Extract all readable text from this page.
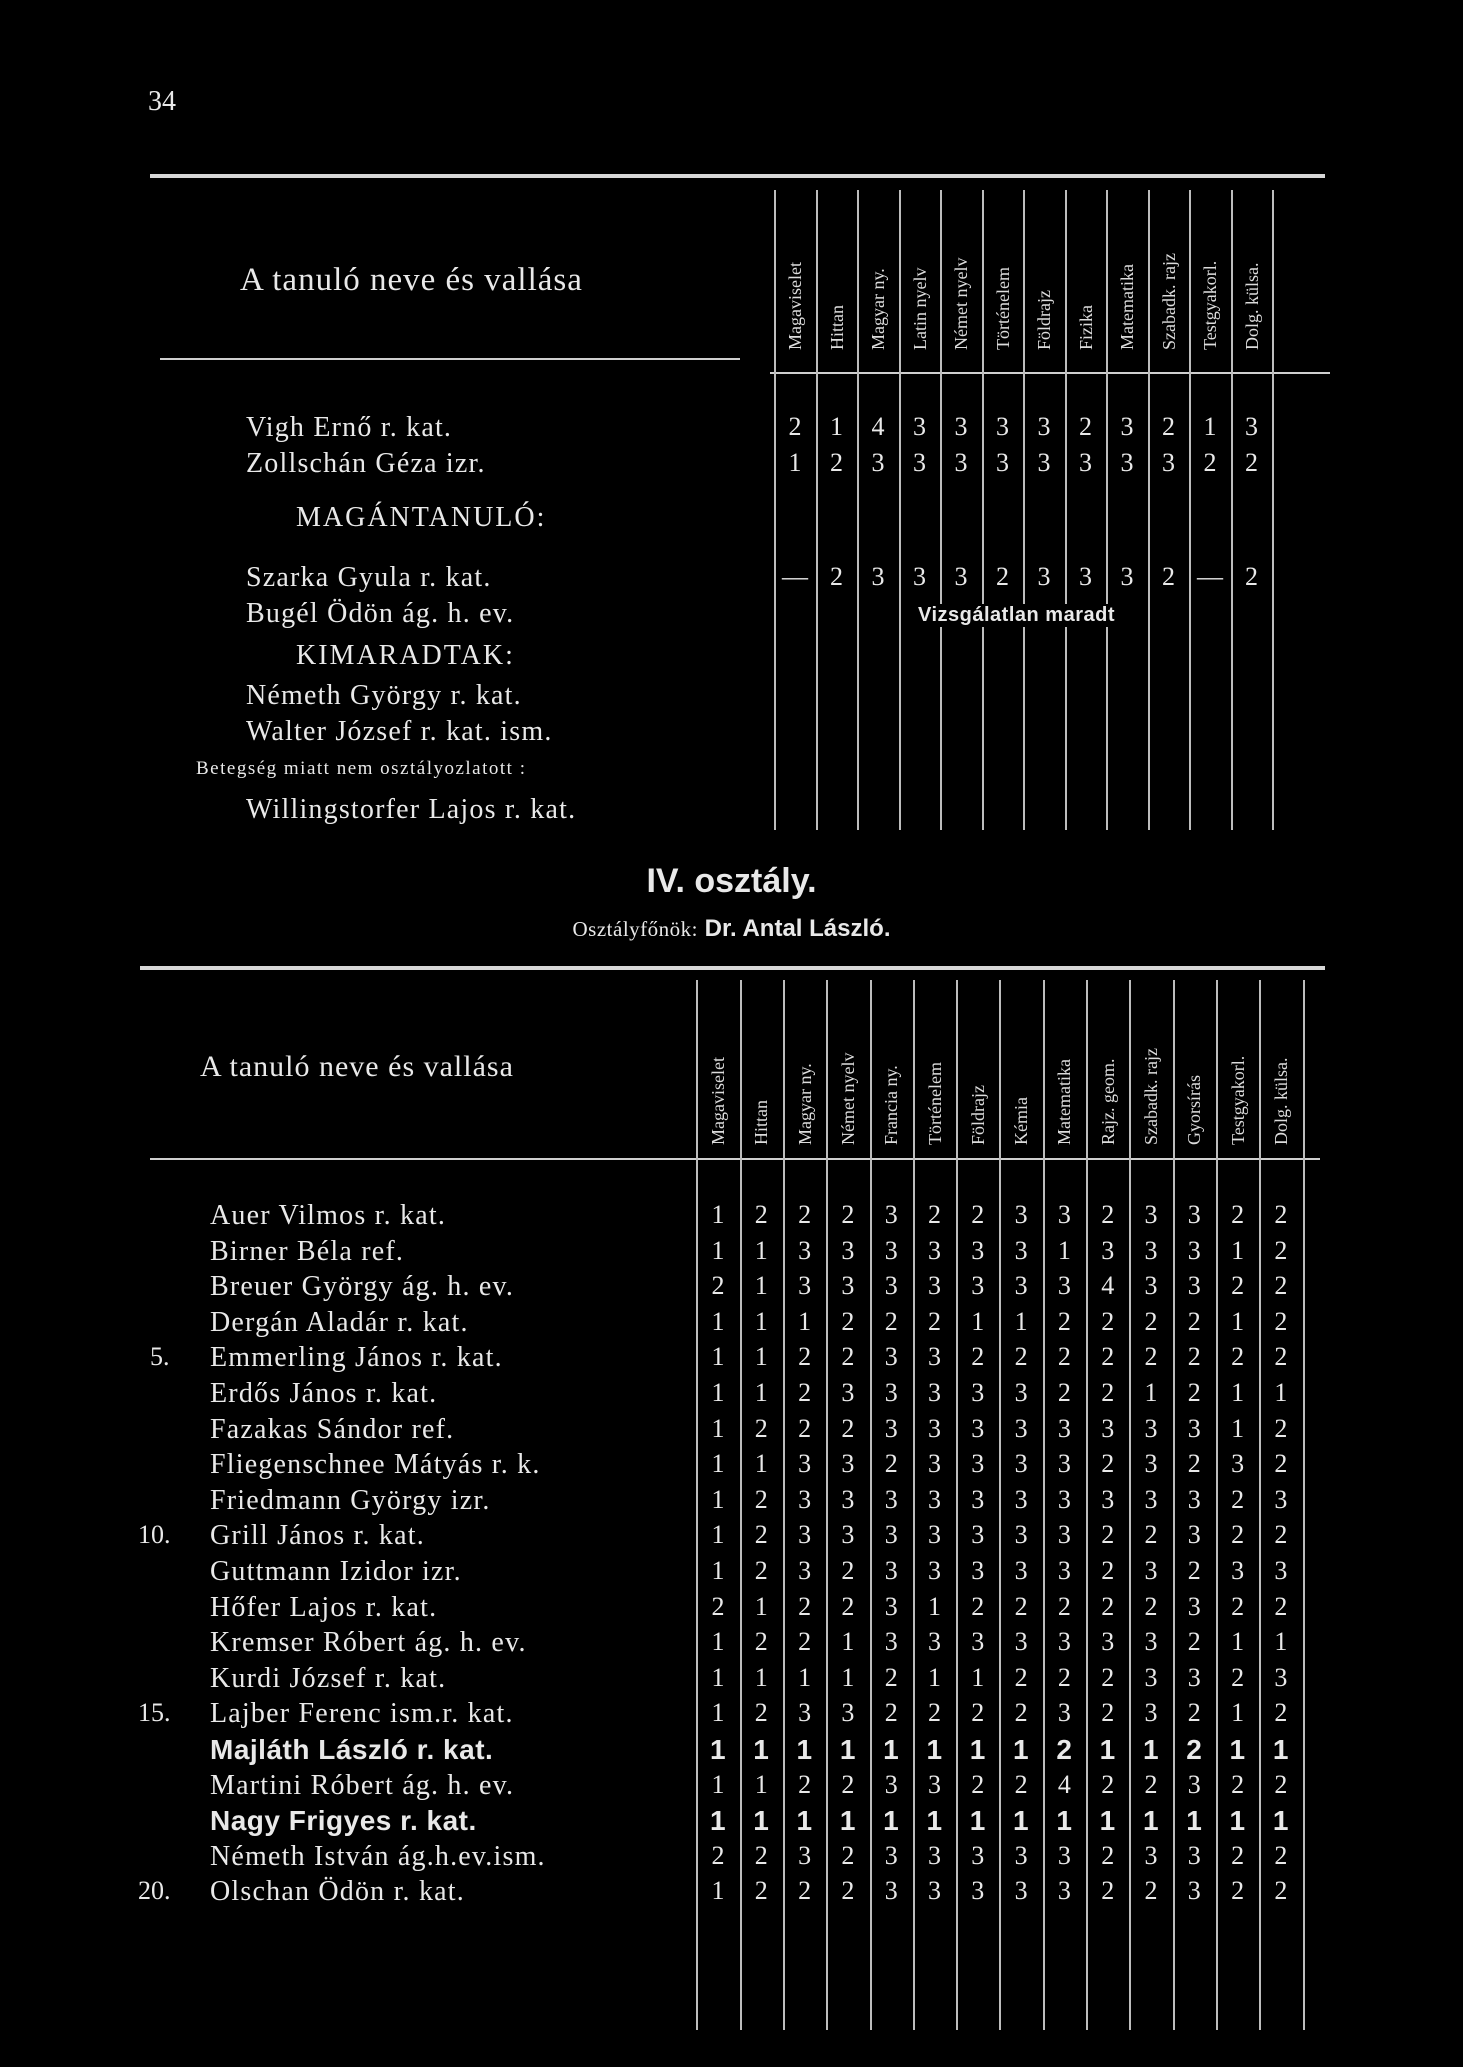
34
A tanuló neve és vallása	Magaviselet Hittan Magyar ny. Latin nyelv Német nyelv Történelem Földrajz Fizika Matematika Szabadk. rajz Testgyakorl. Dolg. külsa.
Vigh Ernő r. kat.	2	1	4	3	3	3	3	2	3	2	1	3
Zollschán Géza izr.	1	2	3	3	3	3	3	3	3	3	2	2
MAGÁNTANULÓ:
Szarka Gyula r. kat.	— 2	3	3	3	2	3	3	3	2 — 2
Bugél Ödön ág. h. ev.	Vizsgálatlan maradt
KIMARADTAK:
Németh György r. kat.
Walter József r. kat. ism.
Betegség miatt nem osztályozlatott :
Willingstorfer Lajos r. kat.
IV. osztály.
Osztályfőnök: Dr. Antal László.
A tanuló neve és vallása	Magaviselet Hittan Magyar ny. Német nyelv Francia ny. Történelem Földrajz Kémia Matematika Rajz. geom. Szabadk. rajz Gyorsírás Testgyakorl. Dolg. külsa.
Auer Vilmos r. kat.	1	2	2	2	3	2	2	3	3	2	3	3	2	2
Birner Béla ref.	1	1	3	3	3	3	3	3	1	3	3	3	1	2
Breuer György ág. h. ev.	2	1	3	3	3	3	3	3	3	4	3	3	2	2
Dergán Aladár r. kat.	1	1	1	2	2	2	1	1	2	2	2	2	1	2
5. Emmerling János r. kat.	1	1	2	2	3	3	2	2	2	2	2	2	2	2
Erdős János r. kat.	1	1	2	3	3	3	3	3	2	2	1	2	1	1
Fazakas Sándor ref.	1	2	2	2	3	3	3	3	3	3	3	3	1	2
Fliegenschnee Mátyás r. k.	1	1	3	3	2	3	3	3	3	2	3	2	3	2
Friedmann György izr.	1	2	3	3	3	3	3	3	3	3	3	3	2	3
10. Grill János r. kat.	1	2	3	3	3	3	3	3	3	2	2	3	2	2
Guttmann Izidor izr.	1	2	3	2	3	3	3	3	3	2	3	2	3	3
Hőfer Lajos r. kat.	2	1	2	2	3	1	2	2	2	2	2	3	2	2
Kremser Róbert ág. h. ev.	1	2	2	1	3	3	3	3	3	3	3	2	1	1
Kurdi József r. kat.	1	1	1	1	2	1	1	2	2	2	3	3	2	3
15. Lajber Ferenc ism.r. kat.	1	2	3	3	2	2	2	2	3	2	3	2	1	2
Majláth László r. kat.	1 1 1 1 1 1 1 1 2 1 1 2 1 1
Martini Róbert ág. h. ev.	1	1	2	2	3	3	2	2	4	2	2	3	2	2
Nagy Frigyes r. kat.	1 1 1 1 1 1 1 1 1 1 1 1 1 1
Németh István ág.h.ev.ism.	2	2	3	2	3	3	3	3	3	2	3	3	2	2
20. Olschan Ödön r. kat.	1	2	2	2	3	3	3	3	3	2	2	3	2	2
